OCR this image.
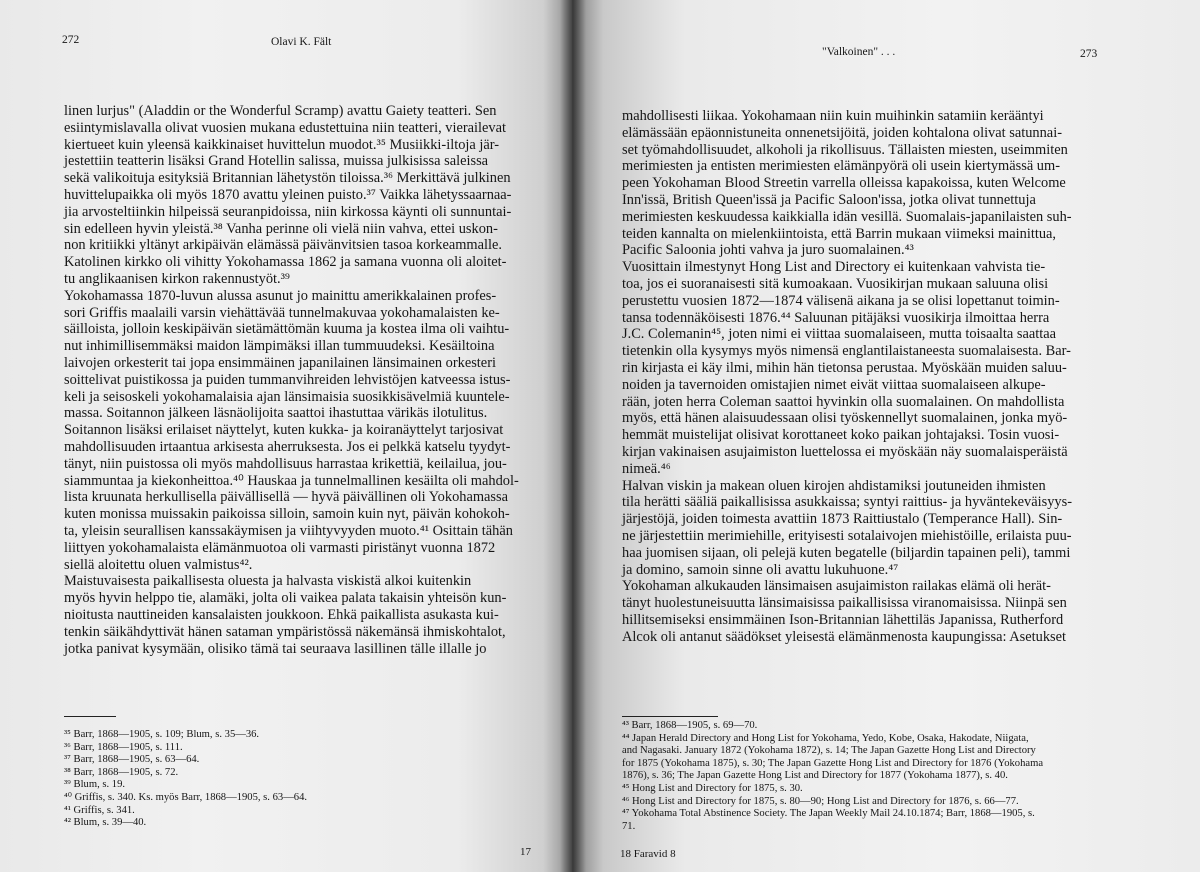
272	Olavi K. Fält
linen lurjus" (Aladdin or the Wonderful Scramp) avattu Gaiety teatteri. Sen
esiintymislavalla olivat vuosien mukana edustettuina niin teatteri, vierailevat
kiertueet kuin yleensä kaikkinaiset huvittelun muodot.³⁵ Musiikki-iltoja jär-
jestettiin teatterin lisäksi Grand Hotellin salissa, muissa julkisissa saleissa
sekä valikoituja esityksiä Britannian lähetystön tiloissa.³⁶ Merkittävä julkinen
huvittelupaikka oli myös 1870 avattu yleinen puisto.³⁷ Vaikka lähetyssaarnaa-
jia arvosteltiinkin hilpeissä seuranpidoissa, niin kirkossa käynti oli sunnuntai-
sin edelleen hyvin yleistä.³⁸ Vanha perinne oli vielä niin vahva, ettei uskon-
non kritiikki yltänyt arkipäivän elämässä päivänvitsien tasoa korkeammalle.
Katolinen kirkko oli vihitty Yokohamassa 1862 ja samana vuonna oli aloitet-
tu anglikaanisen kirkon rakennustyöt.³⁹
Yokohamassa 1870-luvun alussa asunut jo mainittu amerikkalainen profes-
sori Griffis maalaili varsin viehättävää tunnelmakuvaa yokohamalaisten ke-
säilloista, jolloin keskipäivän sietämättömän kuuma ja kostea ilma oli vaihtu-
nut inhimillisemmäksi maidon lämpimäksi illan tummuudeksi. Kesäiltoina
laivojen orkesterit tai jopa ensimmäinen japanilainen länsimainen orkesteri
soittelivat puistikossa ja puiden tummanvihreiden lehvistöjen katveessa istus-
keli ja seisoskeli yokohamalaisia ajan länsimaisia suosikkisävelmiä kuuntele-
massa. Soitannon jälkeen läsnäolijoita saattoi ihastuttaa värikäs ilotulitus.
Soitannon lisäksi erilaiset näyttelyt, kuten kukka- ja koiranäyttelyt tarjosivat
mahdollisuuden irtaantua arkisesta aherruksesta. Jos ei pelkkä katselu tyydyt-
tänyt, niin puistossa oli myös mahdollisuus harrastaa krikettiä, keilailua, jou-
siammuntaa ja kiekonheittoa.⁴⁰ Hauskaa ja tunnelmallinen kesäilta oli mahdol-
lista kruunata herkullisella päivällisellä — hyvä päivällinen oli Yokohamassa
kuten monissa muissakin paikoissa silloin, samoin kuin nyt, päivän kohokoh-
ta, yleisin seurallisen kanssakäymisen ja viihtyvyyden muoto.⁴¹ Osittain tähän
liittyen yokohamalaista elämänmuotoa oli varmasti piristänyt vuonna 1872
siellä aloitettu oluen valmistus⁴².
Maistuvaisesta paikallisesta oluesta ja halvasta viskistä alkoi kuitenkin
myös hyvin helppo tie, alamäki, jolta oli vaikea palata takaisin yhteisön kun-
nioitusta nauttineiden kansalaisten joukkoon. Ehkä paikallista asukasta kui-
tenkin säikähdyttivät hänen sataman ympäristössä näkemänsä ihmiskohtalot,
jotka panivat kysymään, olisiko tämä tai seuraava lasillinen tälle illalle jo
³⁵ Barr, 1868—1905, s. 109; Blum, s. 35—36.
³⁶ Barr, 1868—1905, s. 111.
³⁷ Barr, 1868—1905, s. 63—64.
³⁸ Barr, 1868—1905, s. 72.
³⁹ Blum, s. 19.
⁴⁰ Griffis, s. 340. Ks. myös Barr, 1868—1905, s. 63—64.
⁴¹ Griffis, s. 341.
⁴² Blum, s. 39—40.
17
"Valkoinen" . . .	273
mahdollisesti liikaa. Yokohamaan niin kuin muihinkin satamiin kerääntyi
elämässään epäonnistuneita onnenetsijöitä, joiden kohtalona olivat satunnai-
set työmahdollisuudet, alkoholi ja rikollisuus. Tällaisten miesten, useimmiten
merimiesten ja entisten merimiesten elämänpyörä oli usein kiertymässä um-
peen Yokohaman Blood Streetin varrella olleissa kapakoissa, kuten Welcome
Inn'issä, British Queen'issä ja Pacific Saloon'issa, jotka olivat tunnettuja
merimiesten keskuudessa kaikkialla idän vesillä. Suomalais-japanilaisten suh-
teiden kannalta on mielenkiintoista, että Barrin mukaan viimeksi mainittua,
Pacific Saloonia johti vahva ja juro suomalainen.⁴³
Vuosittain ilmestynyt Hong List and Directory ei kuitenkaan vahvista tie-
toa, jos ei suoranaisesti sitä kumoakaan. Vuosikirjan mukaan saluuna olisi
perustettu vuosien 1872—1874 välisenä aikana ja se olisi lopettanut toimin-
tansa todennäköisesti 1876.⁴⁴ Saluunan pitäjäksi vuosikirja ilmoittaa herra
J.C. Colemanin⁴⁵, joten nimi ei viittaa suomalaiseen, mutta toisaalta saattaa
tietenkin olla kysymys myös nimensä englantilaistaneesta suomalaisesta. Bar-
rin kirjasta ei käy ilmi, mihin hän tietonsa perustaa. Myöskään muiden saluu-
noiden ja tavernoiden omistajien nimet eivät viittaa suomalaiseen alkupe-
rään, joten herra Coleman saattoi hyvinkin olla suomalainen. On mahdollista
myös, että hänen alaisuudessaan olisi työskennellyt suomalainen, jonka myö-
hemmät muistelijat olisivat korottaneet koko paikan johtajaksi. Tosin vuosi-
kirjan vakinaisen asujaimiston luettelossa ei myöskään näy suomalaisperäistä
nimeä.⁴⁶
Halvan viskin ja makean oluen kirojen ahdistamiksi joutuneiden ihmisten
tila herätti sääliä paikallisissa asukkaissa; syntyi raittius- ja hyväntekeväisyys-
järjestöjä, joiden toimesta avattiin 1873 Raittiustalo (Temperance Hall). Sin-
ne järjestettiin merimiehille, erityisesti sotalaivojen miehistöille, erilaista puu-
haa juomisen sijaan, oli pelejä kuten begatelle (biljardin tapainen peli), tammi
ja domino, samoin sinne oli avattu lukuhuone.⁴⁷
Yokohaman alkukauden länsimaisen asujaimiston railakas elämä oli herät-
tänyt huolestuneisuutta länsimaisissa paikallisissa viranomaisissa. Niinpä sen
hillitsemiseksi ensimmäinen Ison-Britannian lähettiläs Japanissa, Rutherford
Alcok oli antanut säädökset yleisestä elämänmenosta kaupungissa: Asetukset
⁴³ Barr, 1868—1905, s. 69—70.
⁴⁴ Japan Herald Directory and Hong List for Yokohama, Yedo, Kobe, Osaka, Hakodate, Niigata,
and Nagasaki. January 1872 (Yokohama 1872), s. 14; The Japan Gazette Hong List and Directory
for 1875 (Yokohama 1875), s. 30; The Japan Gazette Hong List and Directory for 1876 (Yokohama
1876), s. 36; The Japan Gazette Hong List and Directory for 1877 (Yokohama 1877), s. 40.
⁴⁵ Hong List and Directory for 1875, s. 30.
⁴⁶ Hong List and Directory for 1875, s. 80—90; Hong List and Directory for 1876, s. 66—77.
⁴⁷ Yokohama Total Abstinence Society. The Japan Weekly Mail 24.10.1874; Barr, 1868—1905, s.
71.
18 Faravid 8
